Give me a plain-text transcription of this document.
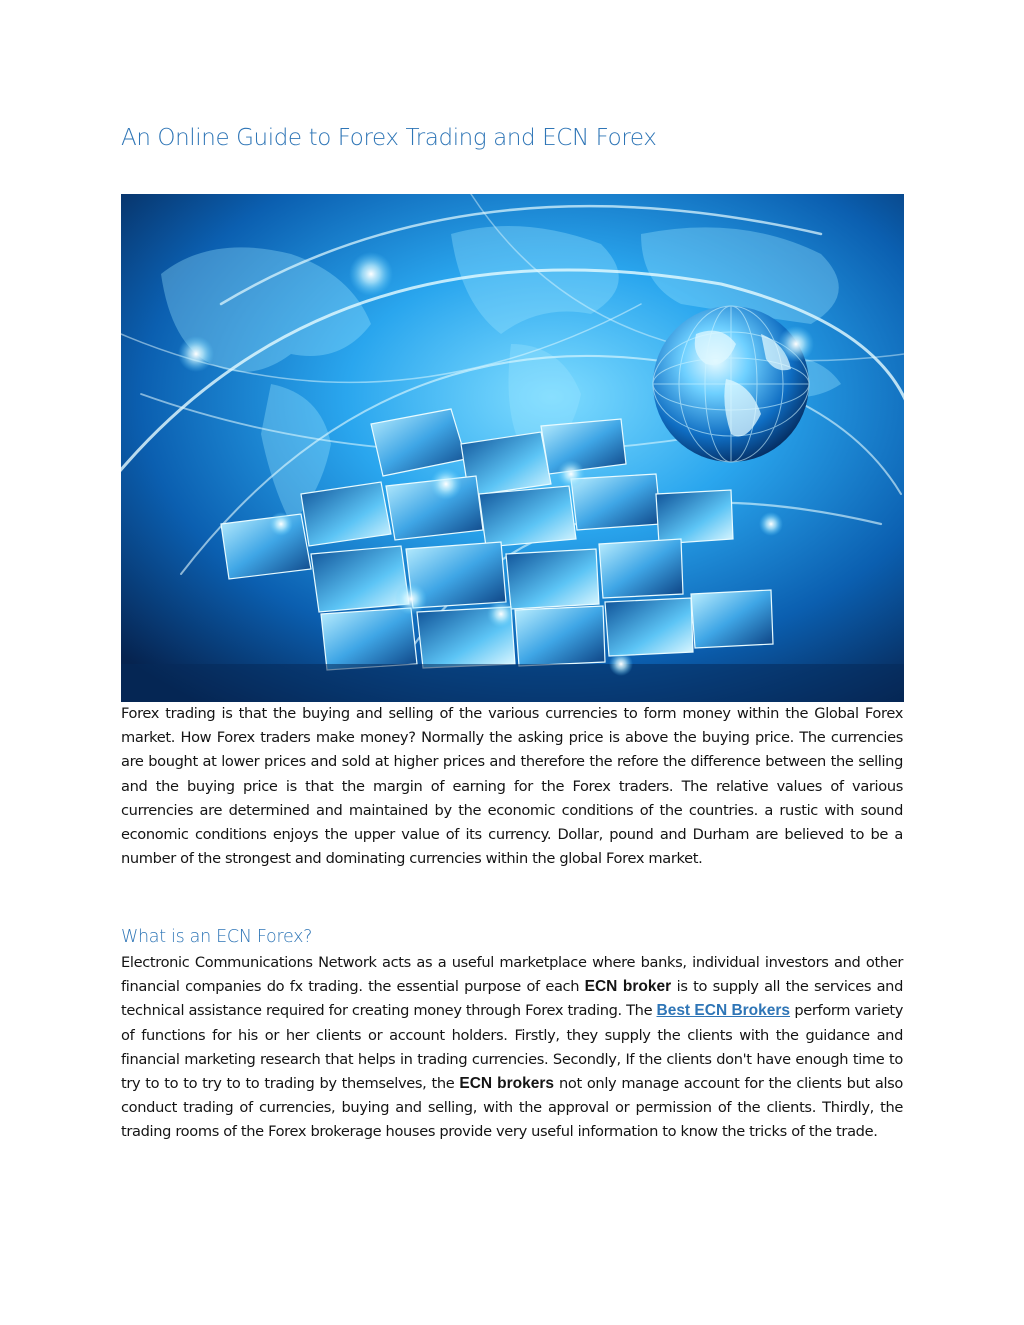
An Online Guide to Forex Trading and ECN Forex

Forex trading is that the buying and selling of the various currencies to form money within the Global Forex market. How Forex traders make money? Normally the asking price is above the buying price. The currencies are bought at lower prices and sold at higher prices and therefore the refore the difference between the selling and the buying price is that the margin of earning for the Forex traders. The relative values of various currencies are determined and maintained by the economic conditions of the countries. a rustic with sound economic conditions enjoys the upper value of its currency. Dollar, pound and Durham are believed to be a number of the strongest and dominating currencies within the global Forex market.

What is an ECN Forex?

Electronic Communications Network acts as a useful marketplace where banks, individual investors and other financial companies do fx trading. the essential purpose of each ECN broker is to supply all the services and technical assistance required for creating money through Forex trading. The Best ECN Brokers perform variety of functions for his or her clients or account holders. Firstly, they supply the clients with the guidance and financial marketing research that helps in trading currencies. Secondly, If the clients don't have enough time to try to to to try to to trading by themselves, the ECN brokers not only manage account for the clients but also conduct trading of currencies, buying and selling, with the approval or permission of the clients. Thirdly, the trading rooms of the Forex brokerage houses provide very useful information to know the tricks of the trade.
